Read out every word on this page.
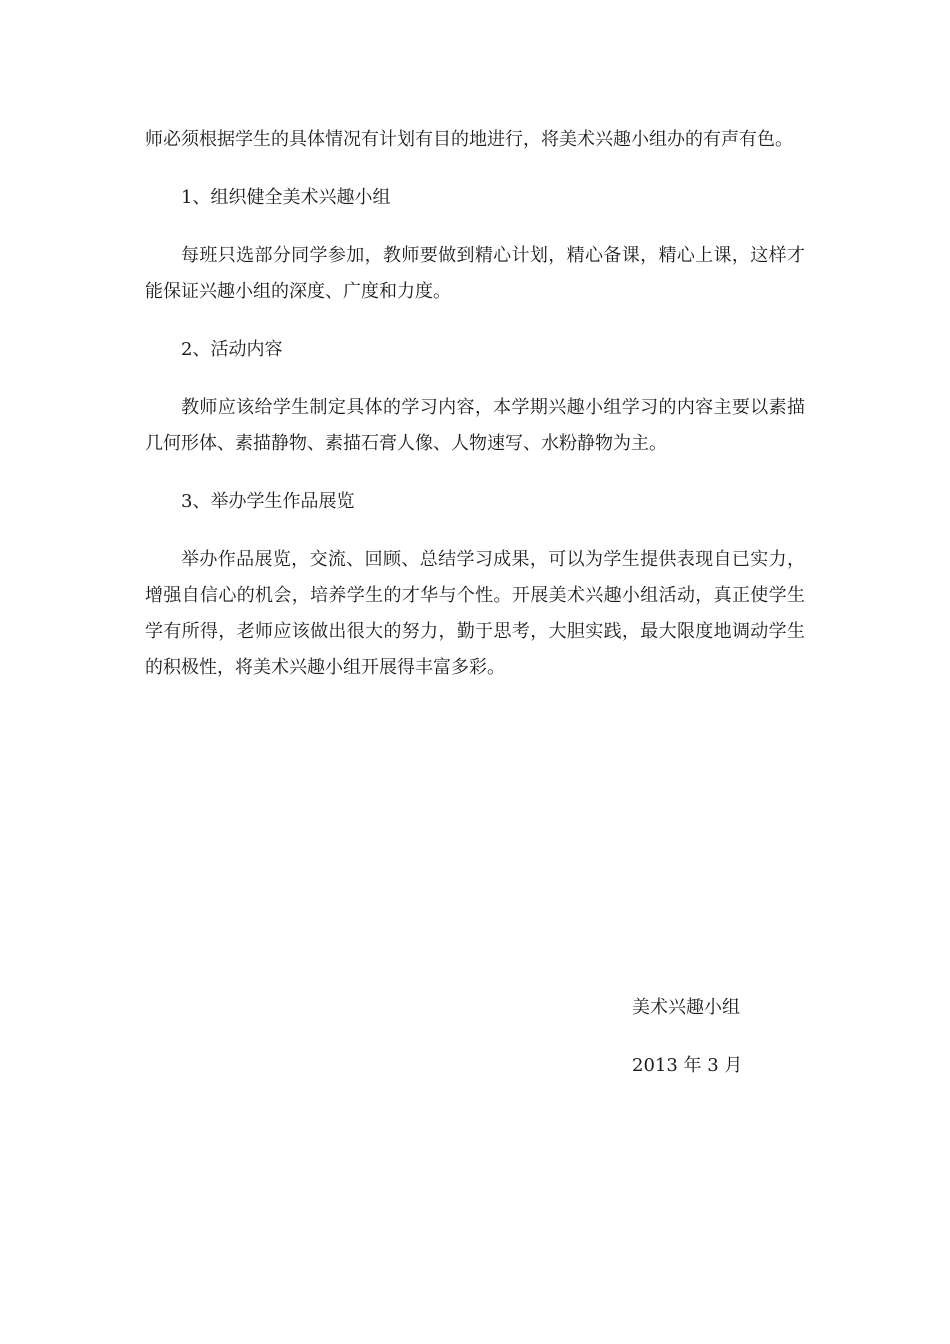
师必须根据学生的具体情况有计划有目的地进行，将美术兴趣小组办的有声有色。

1、组织健全美术兴趣小组

每班只选部分同学参加，教师要做到精心计划，精心备课，精心上课，这样才能保证兴趣小组的深度、广度和力度。

2、活动内容

教师应该给学生制定具体的学习内容，本学期兴趣小组学习的内容主要以素描几何形体、素描静物、素描石膏人像、人物速写、水粉静物为主。

3、举办学生作品展览

举办作品展览，交流、回顾、总结学习成果，可以为学生提供表现自已实力，增强自信心的机会，培养学生的才华与个性。开展美术兴趣小组活动，真正使学生学有所得，老师应该做出很大的努力，勤于思考，大胆实践，最大限度地调动学生的积极性，将美术兴趣小组开展得丰富多彩。

美术兴趣小组
2013 年 3 月
